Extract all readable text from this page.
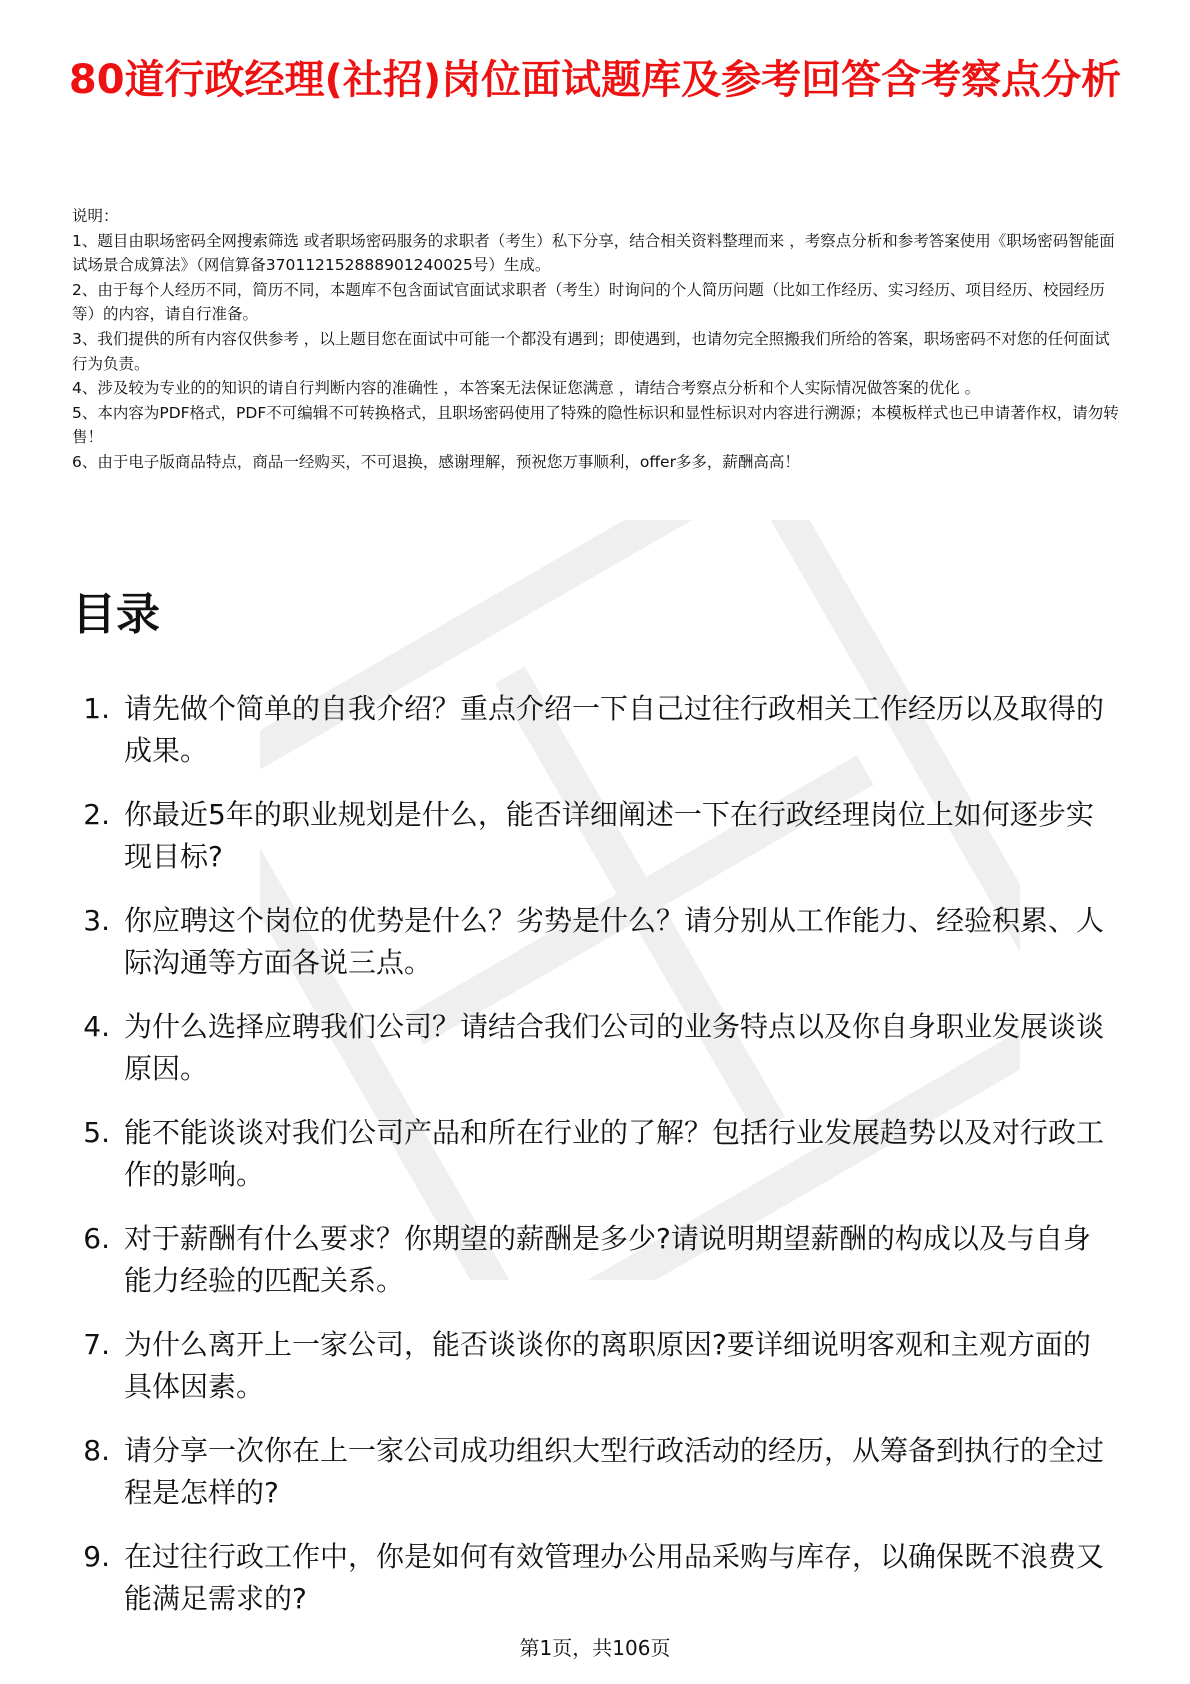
80道行政经理(社招)岗位面试题库及参考回答含考察点分析

说明：

1、题目由职场密码全网搜索筛选 或者职场密码服务的求职者（考生）私下分享，结合相关资料整理而来 ，考察点分析和参考答案使用《职场密码智能面试场景合成算法》（网信算备370112152888901240025号）生成。

2、由于每个人经历不同，简历不同，本题库不包含面试官面试求职者（考生）时询问的个人简历问题（比如工作经历、实习经历、项目经历、校园经历等）的内容，请自行准备。

3、我们提供的所有内容仅供参考 ，以上题目您在面试中可能一个都没有遇到；即使遇到，也请勿完全照搬我们所给的答案，职场密码不对您的任何面试行为负责。

4、涉及较为专业的的知识的请自行判断内容的准确性 ，本答案无法保证您满意 ，请结合考察点分析和个人实际情况做答案的优化 。

5、本内容为PDF格式，PDF不可编辑不可转换格式，且职场密码使用了特殊的隐性标识和显性标识对内容进行溯源；本模板样式也已申请著作权，请勿转售！

6、由于电子版商品特点，商品一经购买，不可退换，感谢理解，预祝您万事顺利，offer多多，薪酬高高！

目录
1. 请先做个简单的自我介绍？重点介绍一下自己过往行政相关工作经历以及取得的成果。
2. 你最近5年的职业规划是什么，能否详细阐述一下在行政经理岗位上如何逐步实现目标?
3. 你应聘这个岗位的优势是什么？劣势是什么？请分别从工作能力、经验积累、人际沟通等方面各说三点。
4. 为什么选择应聘我们公司？请结合我们公司的业务特点以及你自身职业发展谈谈原因。
5. 能不能谈谈对我们公司产品和所在行业的了解？包括行业发展趋势以及对行政工作的影响。
6. 对于薪酬有什么要求？你期望的薪酬是多少?请说明期望薪酬的构成以及与自身能力经验的匹配关系。
7. 为什么离开上一家公司，能否谈谈你的离职原因?要详细说明客观和主观方面的具体因素。
8. 请分享一次你在上一家公司成功组织大型行政活动的经历，从筹备到执行的全过程是怎样的?
9. 在过往行政工作中，你是如何有效管理办公用品采购与库存，以确保既不浪费又能满足需求的?
第1页，共106页
